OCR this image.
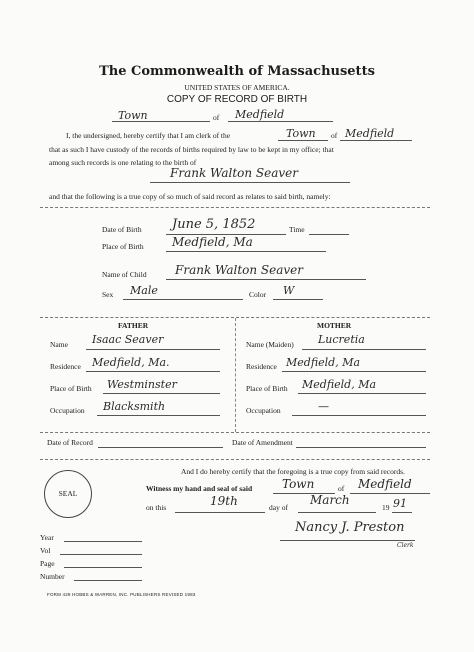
The Commonwealth of Massachusetts
UNITED STATES OF AMERICA.
COPY OF RECORD OF BIRTH
Town	of Medfield
I, the undersigned, hereby certify that I am clerk of the	Town of Medfield
that as such I have custody of the records of births required by law to be kept in my office; that
among such records is one relating to the birth of
Frank Walton Seaver
and that the following is a true copy of so much of said record as relates to said birth, namely:
Date of Birth June 5, 1852	Time
Place of Birth Medfield, Ma
Name of Child Frank Walton Seaver
Sex Male	Color W
FATHER
Name Isaac Seaver
Residence Medfield, Ma.
Place of Birth Westminster
Occupation Blacksmith
MOTHER
Name (Maiden) Lucretia
Residence Medfield, Ma
Place of Birth Medfield, Ma
Occupation	—
Date of Record	Date of Amendment
And I do hereby certify that the foregoing is a true copy from said records.
Witness my hand and seal of said Town	of Medfield
on this	19th	day of
March
19 91
Nancy J. Preston
Clerk
SEAL
Year
Vol
Page
Number
FORM 429 HOBBS & WARREN, INC. PUBLISHERS REVISED 1983
